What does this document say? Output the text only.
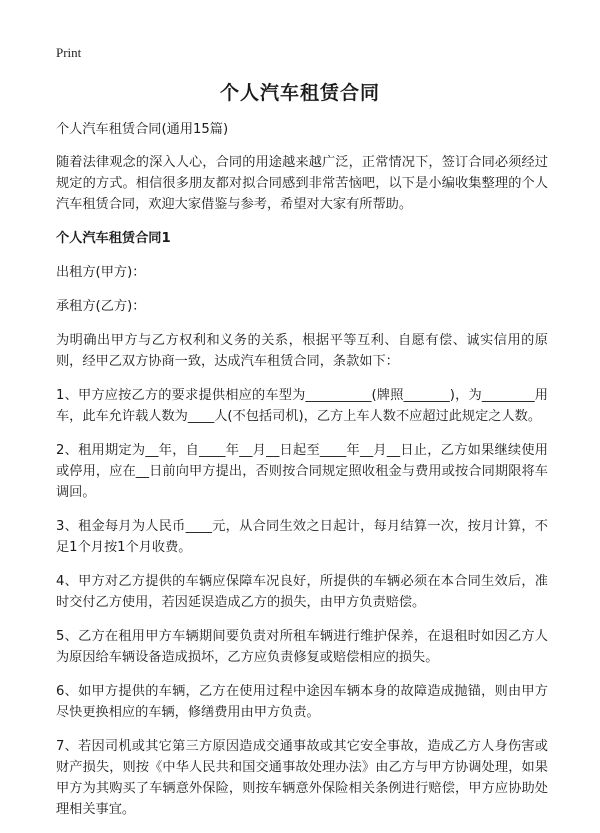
Print
个人汽车租赁合同

个人汽车租赁合同(通用15篇)

随着法律观念的深入人心，合同的用途越来越广泛，正常情况下，签订合同必须经过规定的方式。相信很多朋友都对拟合同感到非常苦恼吧，以下是小编收集整理的个人汽车租赁合同，欢迎大家借鉴与参考，希望对大家有所帮助。

个人汽车租赁合同1

出租方(甲方)：

承租方(乙方)：

为明确出甲方与乙方权利和义务的关系，根据平等互利、自愿有偿、诚实信用的原则，经甲乙双方协商一致，达成汽车租赁合同，条款如下：

1、甲方应按乙方的要求提供相应的车型为__________(牌照_______)，为________用车，此车允许载人数为____人(不包括司机)，乙方上车人数不应超过此规定之人数。

2、租用期定为__年，自____年__月__日起至____年__月__日止，乙方如果继续使用或停用，应在__日前向甲方提出，否则按合同规定照收租金与费用或按合同期限将车调回。

3、租金每月为人民币____元，从合同生效之日起计，每月结算一次，按月计算，不足1个月按1个月收费。

4、甲方对乙方提供的车辆应保障车况良好，所提供的车辆必须在本合同生效后，准时交付乙方使用，若因延误造成乙方的损失，由甲方负责赔偿。

5、乙方在租用甲方车辆期间要负责对所租车辆进行维护保养，在退租时如因乙方人为原因给车辆设备造成损坏，乙方应负责修复或赔偿相应的损失。

6、如甲方提供的车辆，乙方在使用过程中途因车辆本身的故障造成抛锚，则由甲方尽快更换相应的车辆，修缮费用由甲方负责。

7、若因司机或其它第三方原因造成交通事故或其它安全事故，造成乙方人身伤害或财产损失，则按《中华人民共和国交通事故处理办法》由乙方与甲方协调处理，如果甲方为其购买了车辆意外保险，则按车辆意外保险相关条例进行赔偿，甲方应协助处理相关事宜。
